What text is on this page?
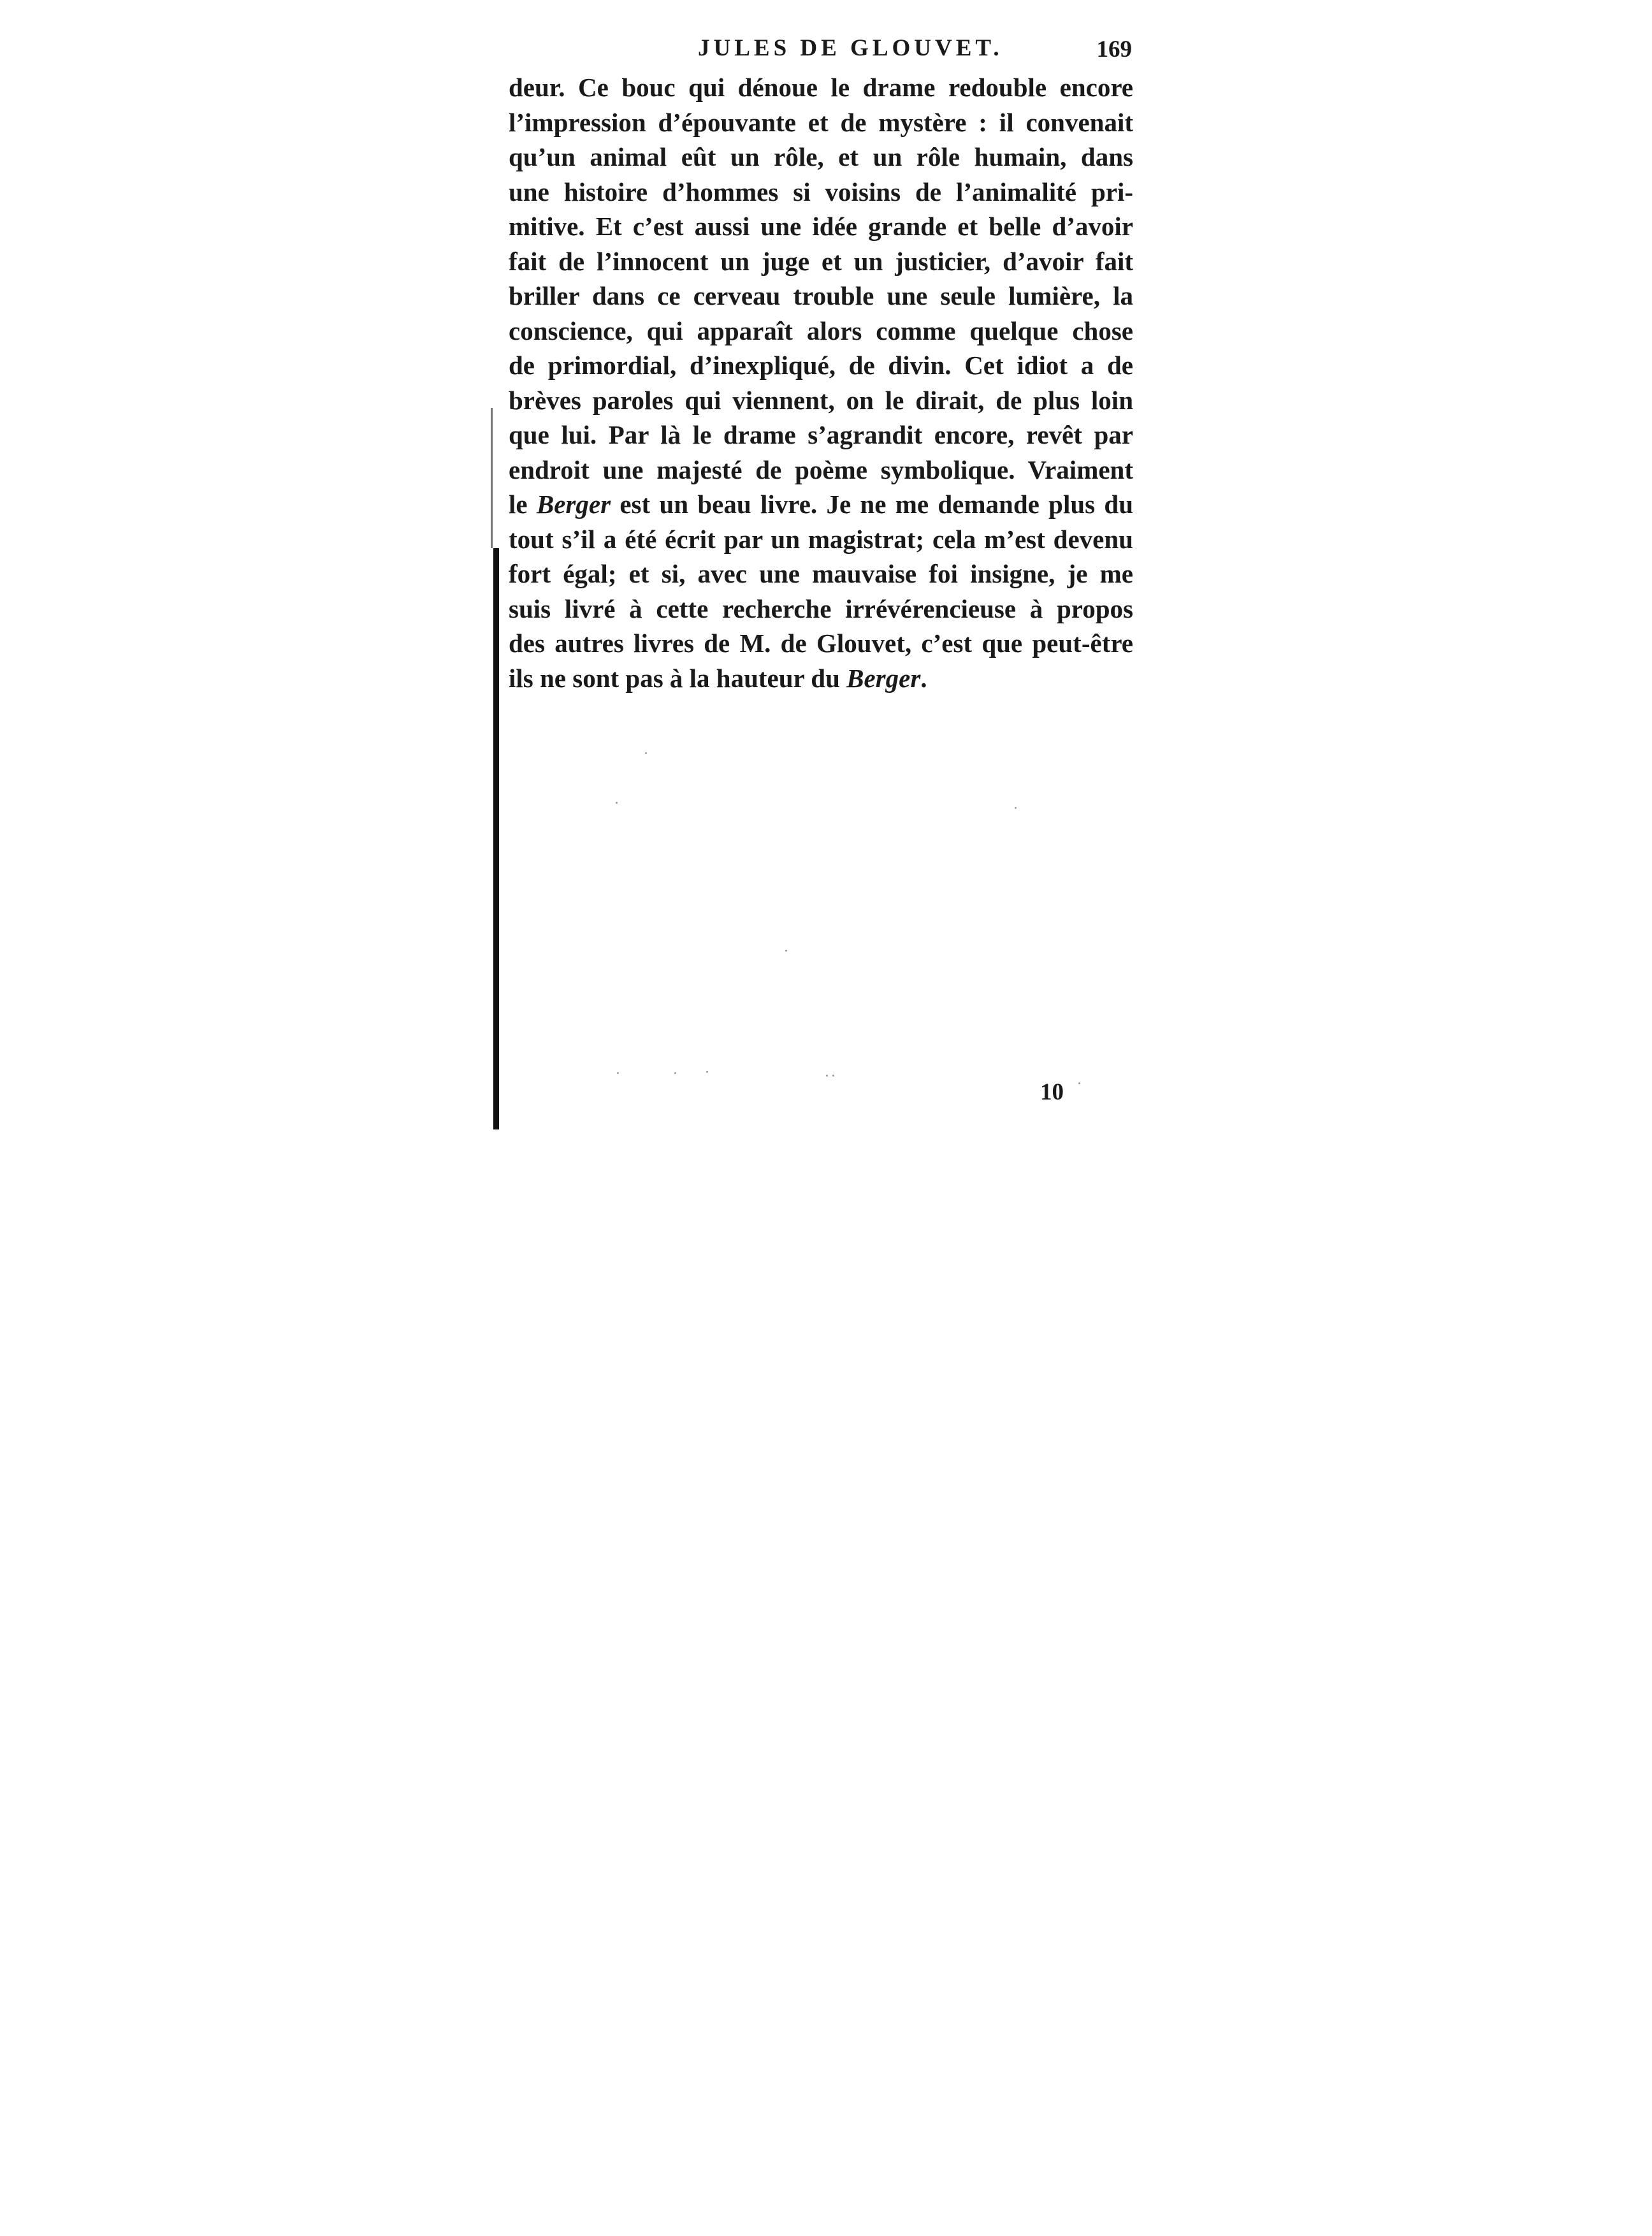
JULES DE GLOUVET.	169
deur. Ce bouc qui dénoue le drame redouble encore
l’impression d’épouvante et de mystère : il convenait
qu’un animal eût un rôle, et un rôle humain, dans
une histoire d’hommes si voisins de l’animalité pri-
mitive. Et c’est aussi une idée grande et belle d’avoir
fait de l’innocent un juge et un justicier, d’avoir fait
briller dans ce cerveau trouble une seule lumière, la
conscience, qui apparaît alors comme quelque chose
de primordial, d’inexpliqué, de divin. Cet idiot a de
brèves paroles qui viennent, on le dirait, de plus loin
que lui. Par là le drame s’agrandit encore, revêt par
endroit une majesté de poème symbolique. Vraiment
le Berger est un beau livre. Je ne me demande plus du
tout s’il a été écrit par un magistrat; cela m’est devenu
fort égal; et si, avec une mauvaise foi insigne, je me
suis livré à cette recherche irrévérencieuse à propos
des autres livres de M. de Glouvet, c’est que peut-être
ils ne sont pas à la hauteur du Berger.
10
